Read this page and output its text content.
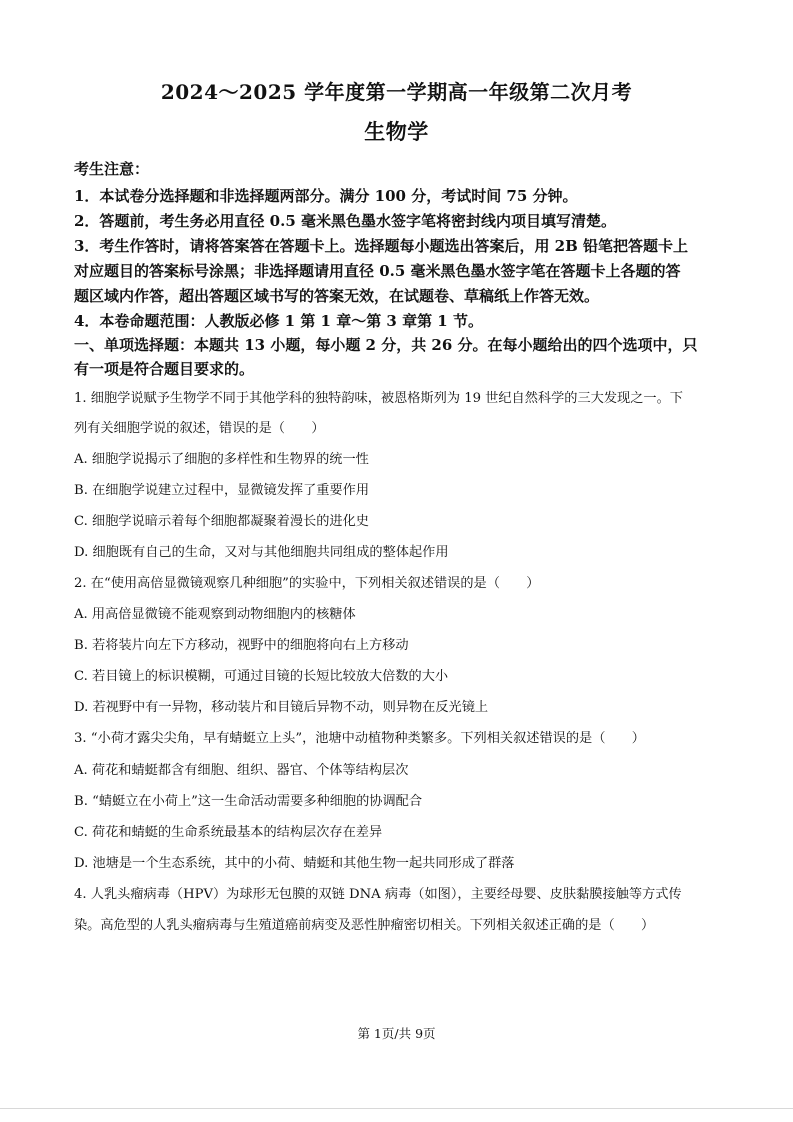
2024～2025 学年度第一学期高一年级第二次月考
生物学
考生注意：
1．本试卷分选择题和非选择题两部分。满分 100 分，考试时间 75 分钟。
2．答题前，考生务必用直径 0.5 毫米黑色墨水签字笔将密封线内项目填写清楚。
3．考生作答时，请将答案答在答题卡上。选择题每小题选出答案后，用 2B 铅笔把答题卡上
对应题目的答案标号涂黑；非选择题请用直径 0.5 毫米黑色墨水签字笔在答题卡上各题的答
题区域内作答，超出答题区域书写的答案无效，在试题卷、草稿纸上作答无效。
4．本卷命题范围：人教版必修 1 第 1 章～第 3 章第 1 节。
一、单项选择题：本题共 13 小题，每小题 2 分，共 26 分。在每小题给出的四个选项中，只
有一项是符合题目要求的。
1. 细胞学说赋予生物学不同于其他学科的独特韵味，被恩格斯列为 19 世纪自然科学的三大发现之一。下
列有关细胞学说的叙述，错误的是（　　）
A. 细胞学说揭示了细胞的多样性和生物界的统一性
B. 在细胞学说建立过程中，显微镜发挥了重要作用
C. 细胞学说暗示着每个细胞都凝聚着漫长的进化史
D. 细胞既有自己的生命，又对与其他细胞共同组成的整体起作用
2. 在“使用高倍显微镜观察几种细胞”的实验中，下列相关叙述错误的是（　　）
A. 用高倍显微镜不能观察到动物细胞内的核糖体
B. 若将装片向左下方移动，视野中的细胞将向右上方移动
C. 若目镜上的标识模糊，可通过目镜的长短比较放大倍数的大小
D. 若视野中有一异物，移动装片和目镜后异物不动，则异物在反光镜上
3. “小荷才露尖尖角，早有蜻蜓立上头”，池塘中动植物种类繁多。下列相关叙述错误的是（　　）
A. 荷花和蜻蜓都含有细胞、组织、器官、个体等结构层次
B. “蜻蜓立在小荷上”这一生命活动需要多种细胞的协调配合
C. 荷花和蜻蜓的生命系统最基本的结构层次存在差异
D. 池塘是一个生态系统，其中的小荷、蜻蜓和其他生物一起共同形成了群落
4. 人乳头瘤病毒（HPV）为球形无包膜的双链 DNA 病毒（如图），主要经母婴、皮肤黏膜接触等方式传
染。高危型的人乳头瘤病毒与生殖道癌前病变及恶性肿瘤密切相关。下列相关叙述正确的是（　　）
第 1页/共 9页
